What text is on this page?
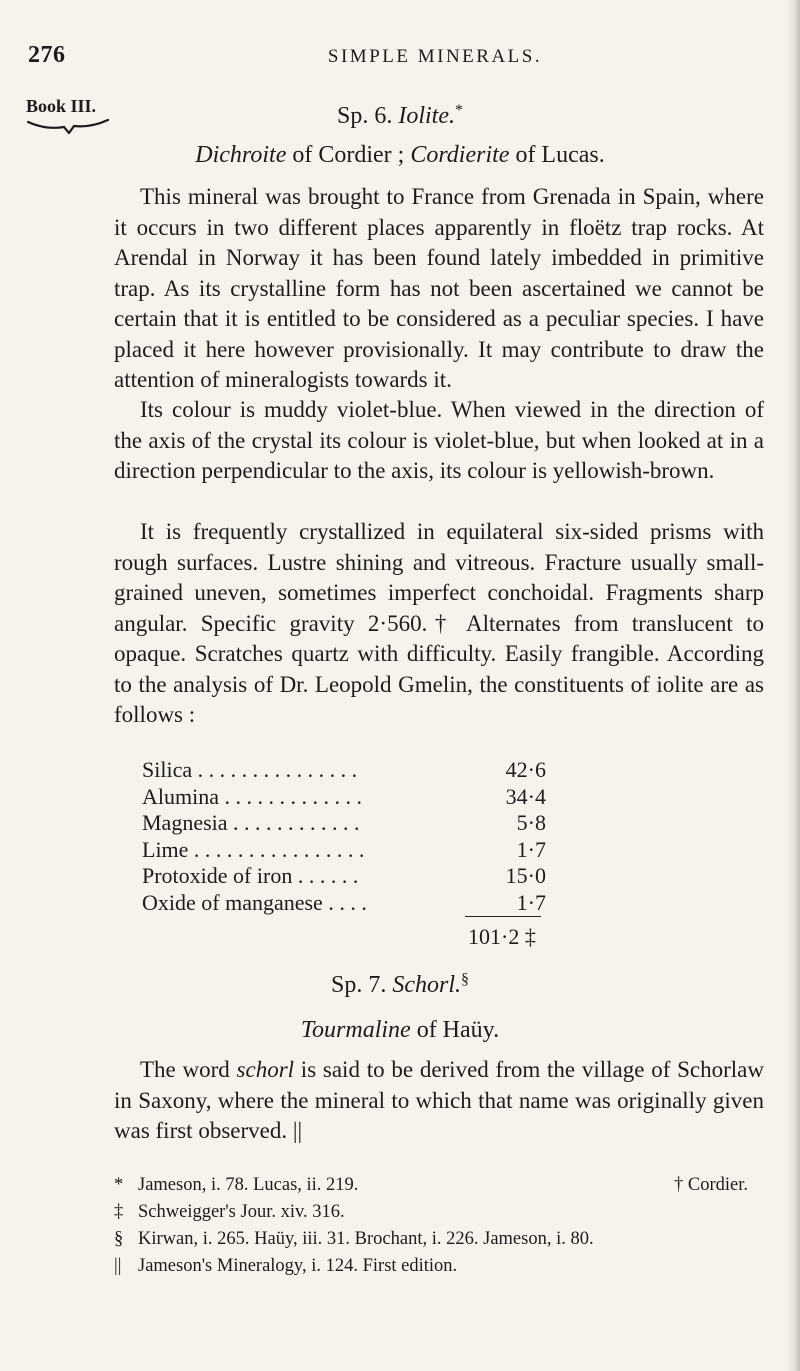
276	SIMPLE MINERALS.
Book III.	Sp. 6. Iolite.*
Dichroite of Cordier ; Cordierite of Lucas.

This mineral was brought to France from Grenada in Spain, where it occurs in two different places apparently in floëtz trap rocks. At Arendal in Norway it has been found lately imbedded in primitive trap. As its crystalline form has not been ascertained we cannot be certain that it is entitled to be considered as a peculiar species. I have placed it here however provisionally. It may contribute to draw the attention of mineralogists towards it.

Its colour is muddy violet-blue. When viewed in the direction of the axis of the crystal its colour is violet-blue, but when looked at in a direction perpendicular to the axis, its colour is yellowish-brown.

It is frequently crystallized in equilateral six-sided prisms with rough surfaces. Lustre shining and vitreous. Fracture usually small-grained uneven, sometimes imperfect conchoidal. Fragments sharp angular. Specific gravity 2·560.† Alternates from translucent to opaque. Scratches quartz with difficulty. Easily frangible. According to the analysis of Dr. Leopold Gmelin, the constituents of iolite are as follows :

Silica . . . . . . . . . . . . . . .	42·6
Alumina . . . . . . . . . . . . .	34·4
Magnesia . . . . . . . . . . . .	5·8
Lime . . . . . . . . . . . . . . . .	1·7
Protoxide of iron . . . . . .	15·0
Oxide of manganese . . . .	1·7
101·2 ‡
Sp. 7. Schorl.§
Tourmaline of Haüy.

The word schorl is said to be derived from the village of Schorlaw in Saxony, where the mineral to which that name was originally given was first observed. ||

* Jameson, i. 78. Lucas, ii. 219.	† Cordier.
‡ Schweigger's Jour. xiv. 316.
§ Kirwan, i. 265. Haüy, iii. 31. Brochant, i. 226. Jameson, i. 80.
|| Jameson's Mineralogy, i. 124. First edition.
